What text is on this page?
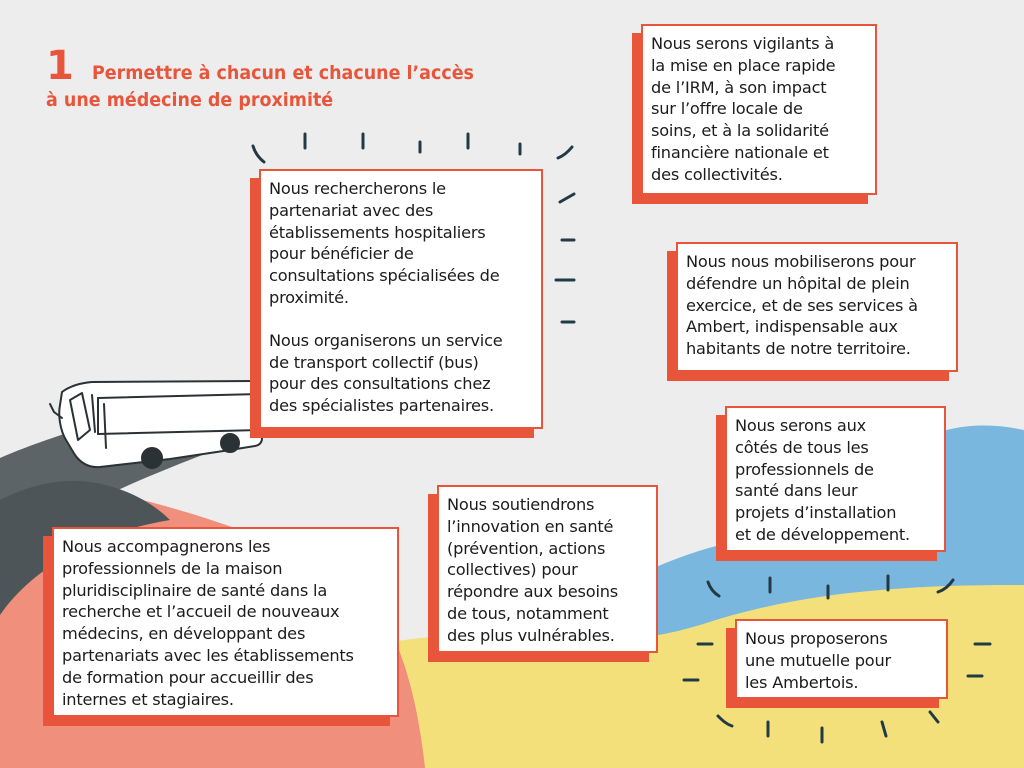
1 Permettre à chacun et chacune l’accès
à une médecine de proximité

Nous serons vigilants à
la mise en place rapide
de l’IRM, à son impact
sur l’offre locale de
soins, et à la solidarité
financière nationale et
des collectivités.

Nous rechercherons le
partenariat avec des
établissements hospitaliers
pour bénéficier de
consultations spécialisées de
proximité.

Nous organiserons un service
de transport collectif (bus)
pour des consultations chez
des spécialistes partenaires.

Nous nous mobiliserons pour
défendre un hôpital de plein
exercice, et de ses services à
Ambert, indispensable aux
habitants de notre territoire.

Nous serons aux
côtés de tous les
professionnels de
santé dans leur
projets d’installation
et de développement.

Nous soutiendrons
l’innovation en santé
(prévention, actions
collectives) pour
répondre aux besoins
de tous, notamment
des plus vulnérables.

Nous accompagnerons les
professionnels de la maison
pluridisciplinaire de santé dans la
recherche et l’accueil de nouveaux
médecins, en développant des
partenariats avec les établissements
de formation pour accueillir des
internes et stagiaires.

Nous proposerons
une mutuelle pour
les Ambertois.
